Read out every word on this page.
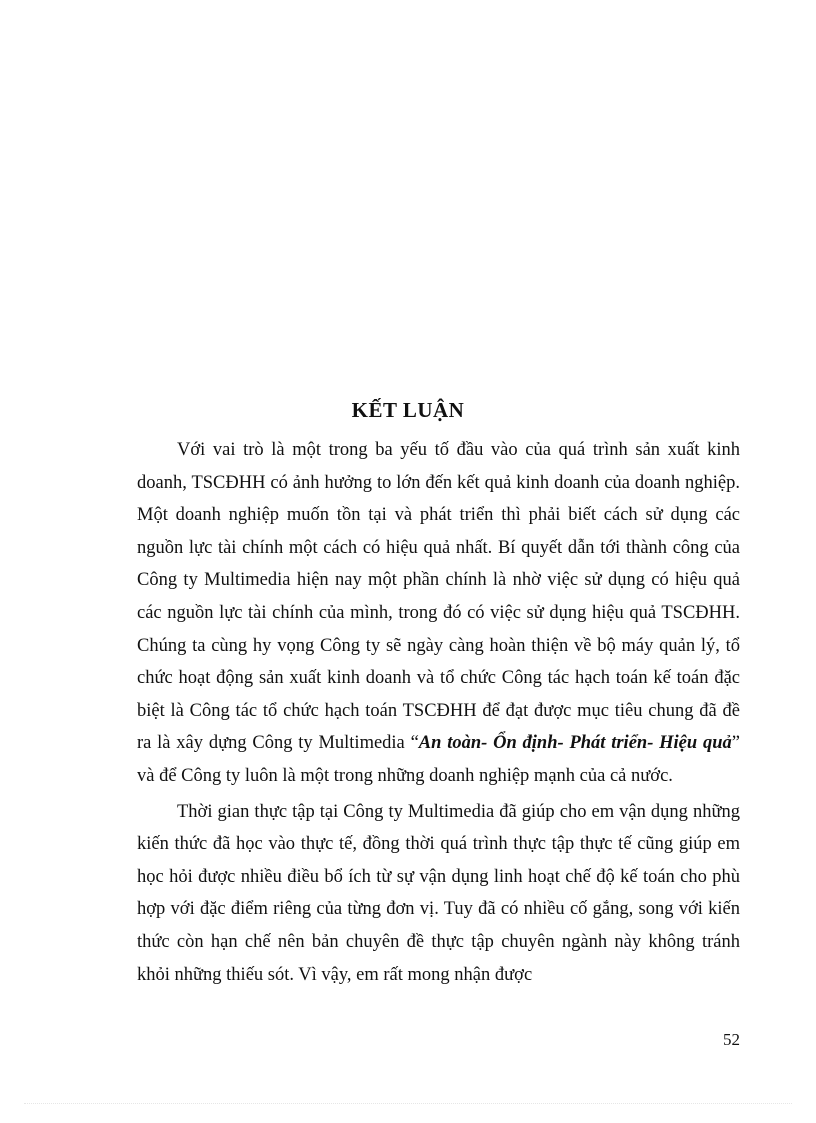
KẾT LUẬN

Với vai trò là một trong ba yếu tố đầu vào của quá trình sản xuất kinh doanh, TSCĐHH có ảnh hưởng to lớn đến kết quả kinh doanh của doanh nghiệp. Một doanh nghiệp muốn tồn tại và phát triển thì phải biết cách sử dụng các nguồn lực tài chính một cách có hiệu quả nhất. Bí quyết dẫn tới thành công của Công ty Multimedia hiện nay một phần chính là nhờ việc sử dụng có hiệu quả các nguồn lực tài chính của mình, trong đó có việc sử dụng hiệu quả TSCĐHH. Chúng ta cùng hy vọng Công ty sẽ ngày càng hoàn thiện về bộ máy quản lý, tổ chức hoạt động sản xuất kinh doanh và tổ chức Công tác hạch toán kế toán đặc biệt là Công tác tổ chức hạch toán TSCĐHH để đạt được mục tiêu chung đã đề ra là xây dựng Công ty Multimedia “An toàn- Ổn định- Phát triển- Hiệu quả” và để Công ty luôn là một trong những doanh nghiệp mạnh của cả nước.

Thời gian thực tập tại Công ty Multimedia đã giúp cho em vận dụng những kiến thức đã học vào thực tế, đồng thời quá trình thực tập thực tế cũng giúp em học hỏi được nhiều điều bổ ích từ sự vận dụng linh hoạt chế độ kế toán cho phù hợp với đặc điểm riêng của từng đơn vị. Tuy đã có nhiều cố gắng, song với kiến thức còn hạn chế nên bản chuyên đề thực tập chuyên ngành này không tránh khỏi những thiếu sót. Vì vậy, em rất mong nhận được

52
